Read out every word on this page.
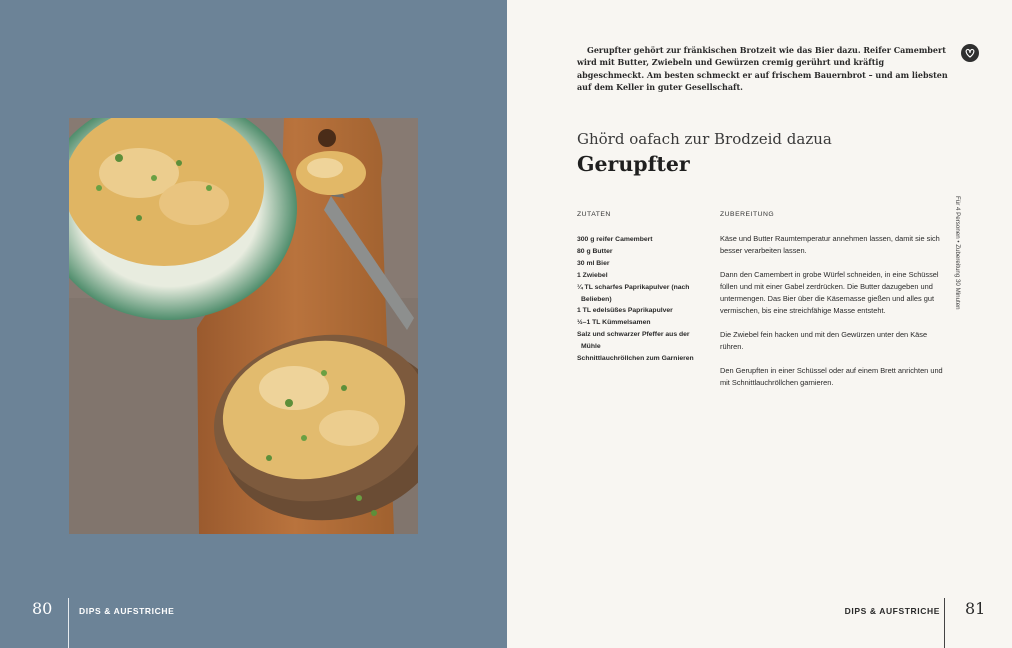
80	DIPS & AUFSTRICHE

Gerupfter gehört zur fränkischen Brotzeit wie das Bier dazu. Reifer Camembert wird mit Butter, Zwiebeln und Gewürzen cremig gerührt und kräftig abgeschmeckt. Am besten schmeckt er auf frischem Bauernbrot – und am liebsten auf dem Keller in guter Gesellschaft.

Für 4 Personen • Zubereitung 30 Minuten
Ghörd oafach zur Brodzeid dazua
Gerupfter
ZUTATEN	ZUBEREITUNG
300 g reifer Camembert
80 g Butter
30 ml Bier
1 Zwiebel
¼ TL scharfes Paprikapulver (nach Belieben)
1 TL edelsüßes Paprikapulver
½–1 TL Kümmelsamen
Salz und schwarzer Pfeffer aus der Mühle
Schnittlauchröllchen zum Garnieren

Käse und Butter Raumtemperatur annehmen lassen, damit sie sich besser verarbeiten lassen.

Dann den Camembert in grobe Würfel schneiden, in eine Schüssel füllen und mit einer Gabel zerdrücken. Die Butter dazugeben und untermengen. Das Bier über die Käsemasse gießen und alles gut vermischen, bis eine streichfähige Masse entsteht.

Die Zwiebel fein hacken und mit den Gewürzen unter den Käse rühren.

Den Gerupften in einer Schüssel oder auf einem Brett anrichten und mit Schnittlauchröllchen garnieren.

DIPS & AUFSTRICHE 81
